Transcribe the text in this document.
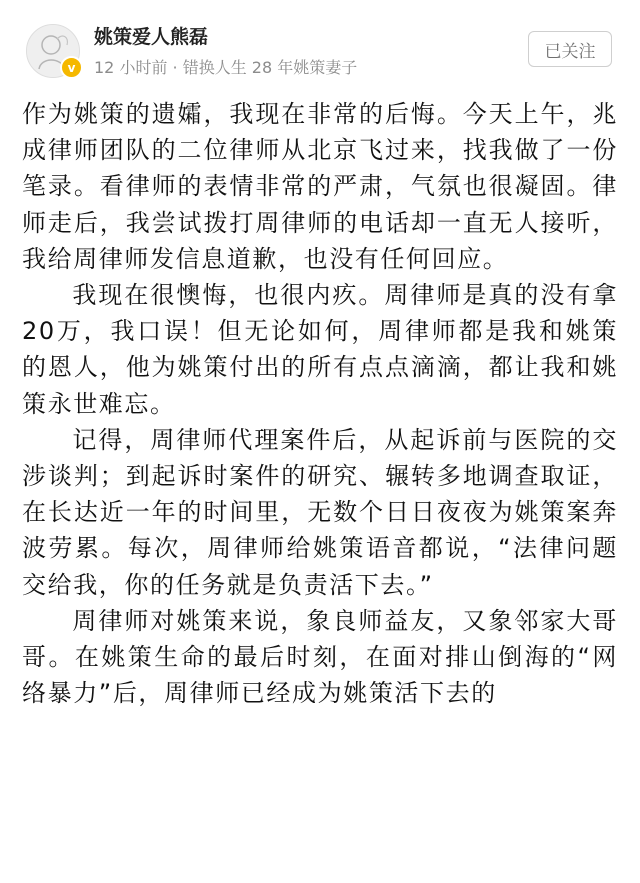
v
姚策爱人熊磊
12 小时前 · 错换人生 28 年姚策妻子
已关注

作为姚策的遗孀，我现在非常的后悔。今天上午，兆成律师团队的二位律师从北京飞过来，找我做了一份笔录。看律师的表情非常的严肃，气氛也很凝固。律师走后，我尝试拨打周律师的电话却一直无人接听，我给周律师发信息道歉，也没有任何回应。

我现在很懊悔，也很内疚。周律师是真的没有拿20万，我口误！但无论如何，周律师都是我和姚策的恩人，他为姚策付出的所有点点滴滴，都让我和姚策永世难忘。

记得，周律师代理案件后，从起诉前与医院的交涉谈判；到起诉时案件的研究、辗转多地调查取证，在长达近一年的时间里，无数个日日夜夜为姚策案奔波劳累。每次，周律师给姚策语音都说，“法律问题交给我，你的任务就是负责活下去。”

周律师对姚策来说，象良师益友，又象邻家大哥哥。在姚策生命的最后时刻，在面对排山倒海的“网络暴力”后，周律师已经成为姚策活下去的
